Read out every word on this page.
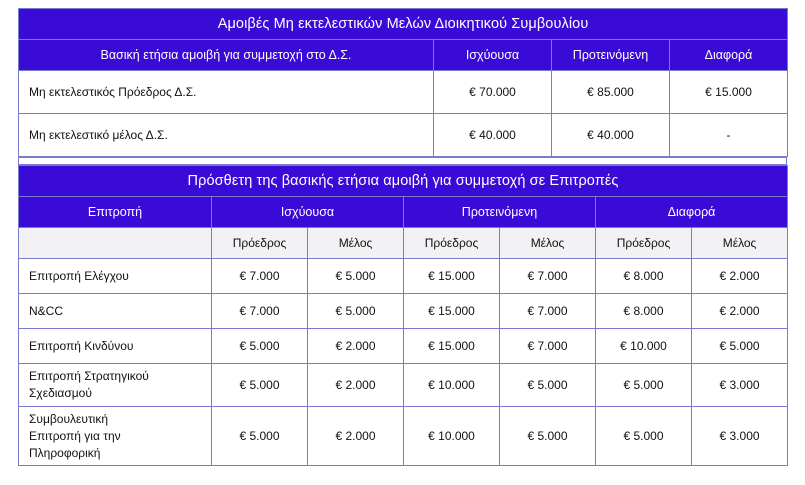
Αμοιβές Μη εκτελεστικών Μελών Διοικητικού Συμβουλίου			
Βασική ετήσια αμοιβή για συμμετοχή στο Δ.Σ.	Ισχύουσα	Προτεινόμενη	Διαφορά
Μη εκτελεστικός Πρόεδρος Δ.Σ.	€ 70.000	€ 85.000	€ 15.000
Μη εκτελεστικό μέλος Δ.Σ.	€ 40.000	€ 40.000	-
Πρόσθετη της βασικής ετήσια αμοιβή για συμμετοχή σε Επιτροπές						
Επιτροπή	Ισχύουσα		Προτεινόμενη		Διαφορά	
	Πρόεδρος	Μέλος	Πρόεδρος	Μέλος	Πρόεδρος	Μέλος
Επιτροπή Ελέγχου	€ 7.000	€ 5.000	€ 15.000	€ 7.000	€ 8.000	€ 2.000
N&CC	€ 7.000	€ 5.000	€ 15.000	€ 7.000	€ 8.000	€ 2.000
Επιτροπή Κινδύνου	€ 5.000	€ 2.000	€ 15.000	€ 7.000	€ 10.000	€ 5.000

Επιτροπή Στρατηγικού
Σχεδιασμού	€ 5.000	€ 2.000	€ 10.000	€ 5.000	€ 5.000	€ 3.000

Συμβουλευτική
Επιτροπή για την
Πληροφορική	€ 5.000	€ 2.000	€ 10.000	€ 5.000	€ 5.000	€ 3.000
